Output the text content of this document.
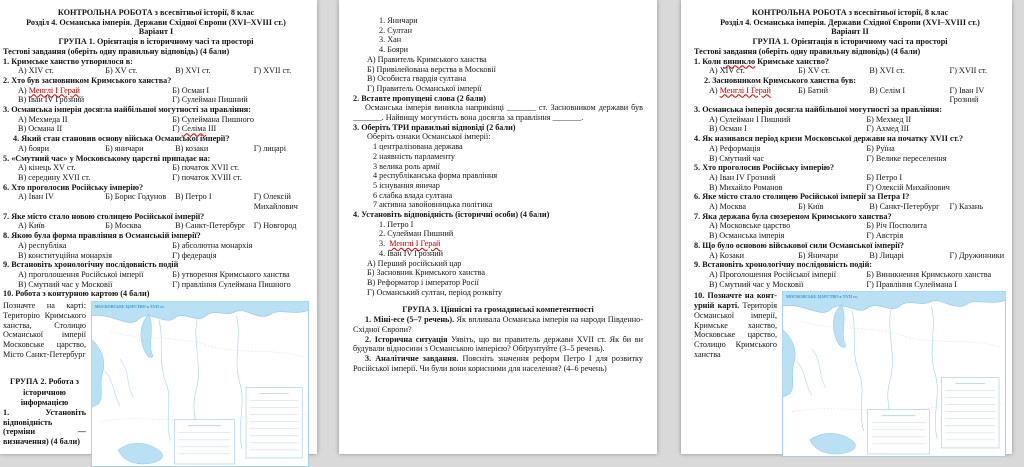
КОНТРОЛЬНА РОБОТА з всесвітньої історії, 8 клас
Розділ 4. Османська імперія. Держави Східної Європи (XVI–XVIII ст.)
Варіант І
ГРУПА 1. Орієнтація в історичному часі та просторі
Тестові завдання (оберіть одну правильну відповідь) (4 бали)
1. Кримське ханство утворилося в:
А) XIV ст.	Б) XV ст.	В) XVI ст.	Г) XVII ст.
2. Хто був засновником Кримського ханства?
А) Менглі І Герай	Б) Осман І
В) Іван IV Грозний	Г) Сулейман Пишний
3. Османська імперія досягла найбільшої могутності за правління:
А) Мехмеда ІІ	Б) Сулеймана Пишного
В) Османа ІІ	Г) Селіма ІІІ
4. Який стан становив основу війська Османської імперії?
А) бояри	Б) яничари	В) козаки	Г) лицарі
5. «Смутний час» у Московському царстві припадає на:
А) кінець XV ст.	Б) початок XVII ст.
В) середину XVII ст.	Г) початок XVIII ст.
6. Хто проголосив Російську імперію?
А) Іван IV	Б) Борис Годунов	В) Петро І	Г) Олексій Михайлович
7. Яке місто стало новою столицею Російської імперії?
А) Київ	Б) Москва	В) Санкт-Петербург	Г) Новгород
8. Якою була форма правління в Османській імперії?
А) республіка	Б) абсолютна монархія
В) конституційна монархія	Г) федерація
9. Встановіть хронологічну послідовність подій
А) проголошення Російської імперії	Б) утворення Кримського ханства
В) Смутний час у Московії	Г) правління Сулеймана Пишного
10. Робота з контурною картою (4 бали)
Позначте на карті: Територію Кримського ханства, Столицю Османської імперії Московське царство, Місто Санкт-Петербург
ГРУПА 2. Робота з історичною інформацією
1. Установіть відповідність (терміни — визначення) (4 бали)
МОСКОВСЬКЕ ЦАРСТВО в XVII ст.
1. Яничари
2. Султан
3. Хан
4. Бояри
А) Правитель Кримського ханства
Б) Привілейована верства в Московії
В) Особиста гвардія султана
Г) Правитель Османської імперії
2. Вставте пропущені слова (2 бали)
Османська імперія виникла наприкінці _______ ст. Засновником держави був _______. Найвищу могутність вона досягла за правління _______.
3. Оберіть ТРИ правильні відповіді (2 бали)
Оберіть ознаки Османської імперії:
1 централізована держава
2 наявність парламенту
3 велика роль армії
4 республіканська форма правління
5 існування яничар
6 слабка влада султана
7 активна завойовницька політика
4. Установіть відповідність (історичні особи) (4 бали)
1. Петро І
2. Сулейман Пишний
3. Менглі І Герай
4. Іван IV Грозний
А) Перший російський цар
Б) Засновник Кримського ханства
В) Реформатор і імператор Росії
Г) Османський султан, період розквіту
ГРУПА 3. Ціннісні та громадянські компетентності
1. Міні-есе (5–7 речень). Як впливала Османська імперія на народи Південно-Східної Європи?
2. Історична ситуація Уявіть, що ви правитель держави XVII ст. Як би ви будували відносини з Османською імперією? Обґрунтуйте (3–5 речень).
3. Аналітичне завдання. Поясніть значення реформ Петро І для розвитку Російської імперії. Чи були вони корисними для населення? (4–6 речень)
КОНТРОЛЬНА РОБОТА з всесвітньої історії, 8 клас
Розділ 4. Османська імперія. Держави Східної Європи (XVI–XVIII ст.)
Варіант ІІ
ГРУПА 1. Орієнтація в історичному часі та просторі
Тестові завдання (оберіть одну правильну відповідь) (4 бали)
1. Коли виникло Кримське ханство?
А) XIV ст.	Б) XV ст.	В) XVI ст.	Г) XVII ст.
2. Засновником Кримського ханства був:
А) Менглі І Герай	Б) Батий	В) Селім І	Г) Іван IV Грозний
3. Османська імперія досягла найбільшої могутності за правління:
А) Сулейман І Пишний	Б) Мехмед ІІ
В) Осман І	Г) Ахмед ІІІ
4. Як називався період кризи Московської держави на початку XVII ст.?
А) Реформація	Б) Руїна
В) Смутний час	Г) Велике переселення
5. Хто проголосив Російську імперію?
А) Іван IV Грозний	Б) Петро І
В) Михайло Романов	Г) Олексій Михайлович
6. Яке місто стало столицею Російської імперії за Петра І?
А) Москва	Б) Київ	В) Санкт-Петербург	Г) Казань
7. Яка держава була сюзереном Кримського ханства?
А) Московське царство	Б) Річ Посполита
В) Османська імперія	Г) Австрія
8. Що було основою військової сили Османської імперії?
А) Козаки	Б) Яничари	В) Лицарі	Г) Дружинники
9. Встановіть хронологічну послідовність подій:
А) Проголошення Російської імперії	Б) Виникнення Кримського ханства
В) Смутний час у Московії	Г) Правління Сулеймана І
10. Позначте на контурній карті. Територія Османської імперії, Кримське ханство, Московське царство, Столицю Кримського ханства
МОСКОВСЬКЕ ЦАРСТВО в XVII ст.
